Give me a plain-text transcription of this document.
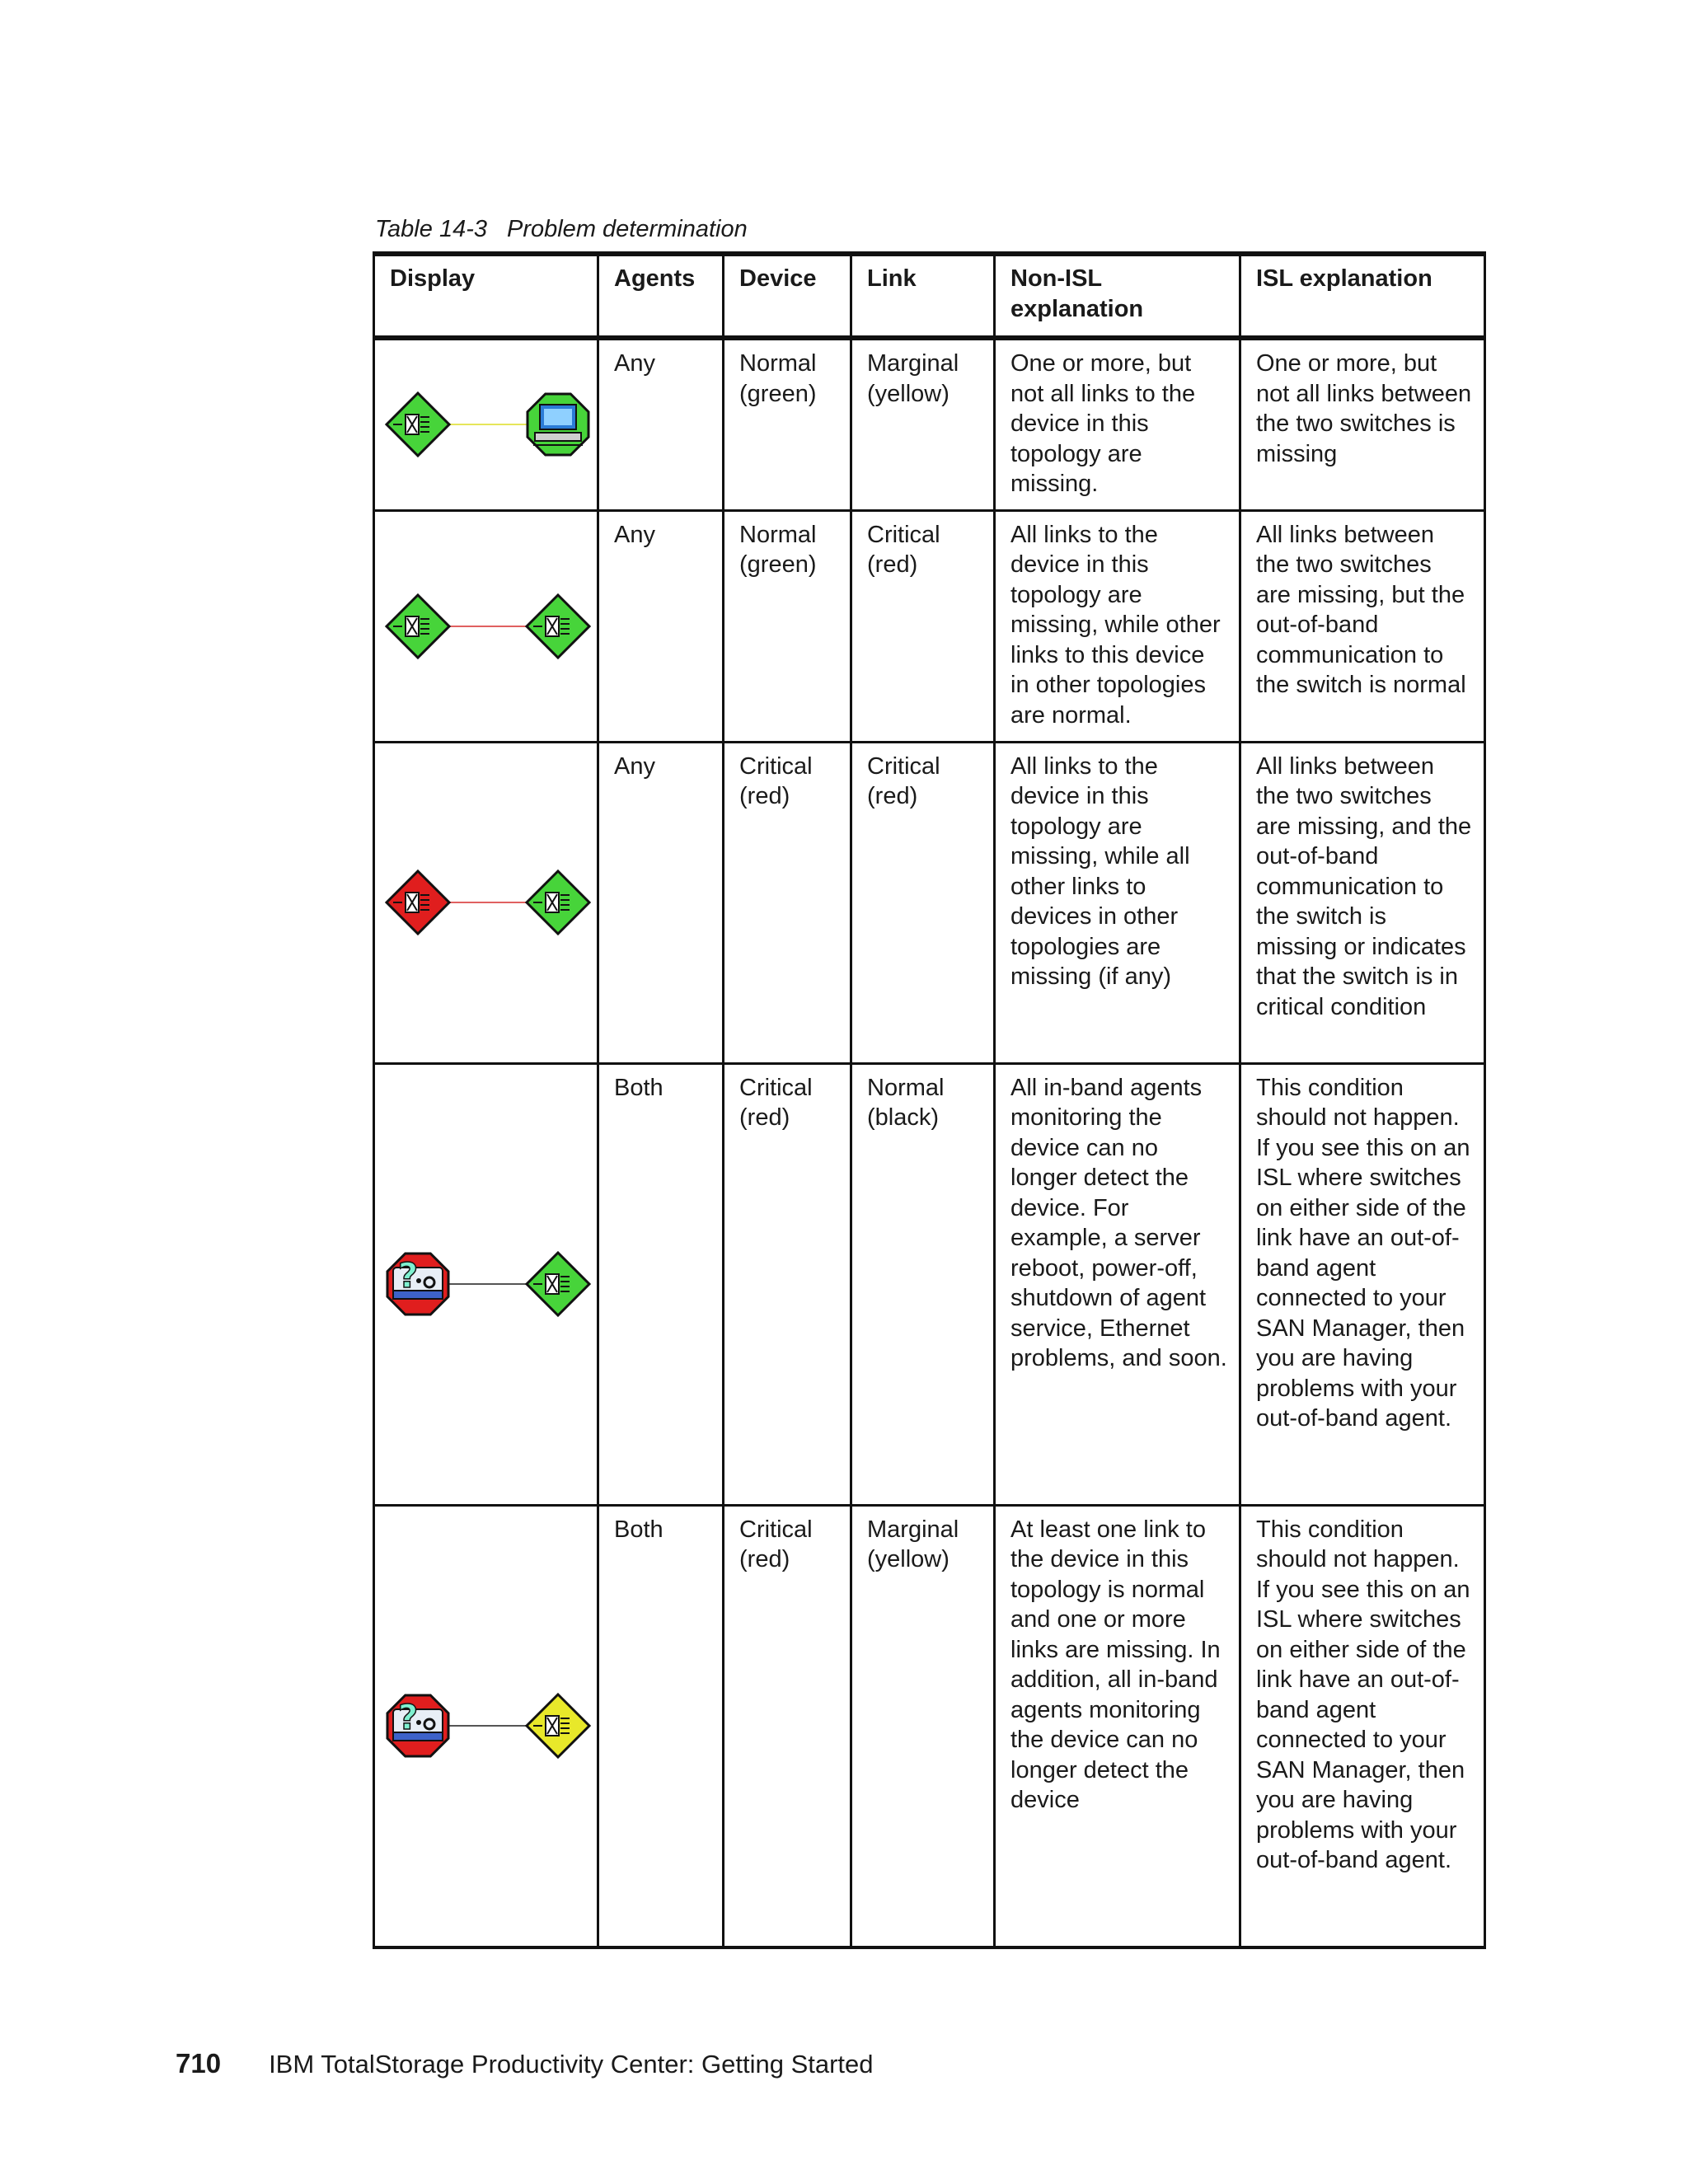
Table 14-3 Problem determination
Display	Agents	Device	Link	Non-ISL explanation	ISL explanation

	Any	Normal (green)	Marginal (yellow)	One or more, but not all links to the device in this topology are missing.	One or more, but not all links between the two switches is missing

	Any	Normal (green)	Critical (red)	All links to the device in this topology are missing, while other links to this device in other topologies are normal.	All links between the two switches are missing, but the out-of-band communication to the switch is normal

	Any	Critical (red)	Critical (red)	All links to the device in this topology are missing, while all other links to devices in other topologies are missing (if any)	All links between the two switches are missing, and the out-of-band communication to the switch is missing or indicates that the switch is in critical condition

?	Both	Critical (red)	Normal (black)	All in-band agents monitoring the device can no longer detect the device. For example, a server reboot, power-off, shutdown of agent service, Ethernet problems, and soon.	This condition should not happen. If you see this on an ISL where switches on either side of the link have an out-of-band agent connected to your SAN Manager, then you are having problems with your out-of-band agent.

?	Both	Critical (red)	Marginal (yellow)	At least one link to the device in this topology is normal and one or more links are missing. In addition, all in-band agents monitoring the device can no longer detect the device	This condition should not happen. If you see this on an ISL where switches on either side of the link have an out-of-band agent connected to your SAN Manager, then you are having problems with your out-of-band agent.
710 IBM TotalStorage Productivity Center: Getting Started
